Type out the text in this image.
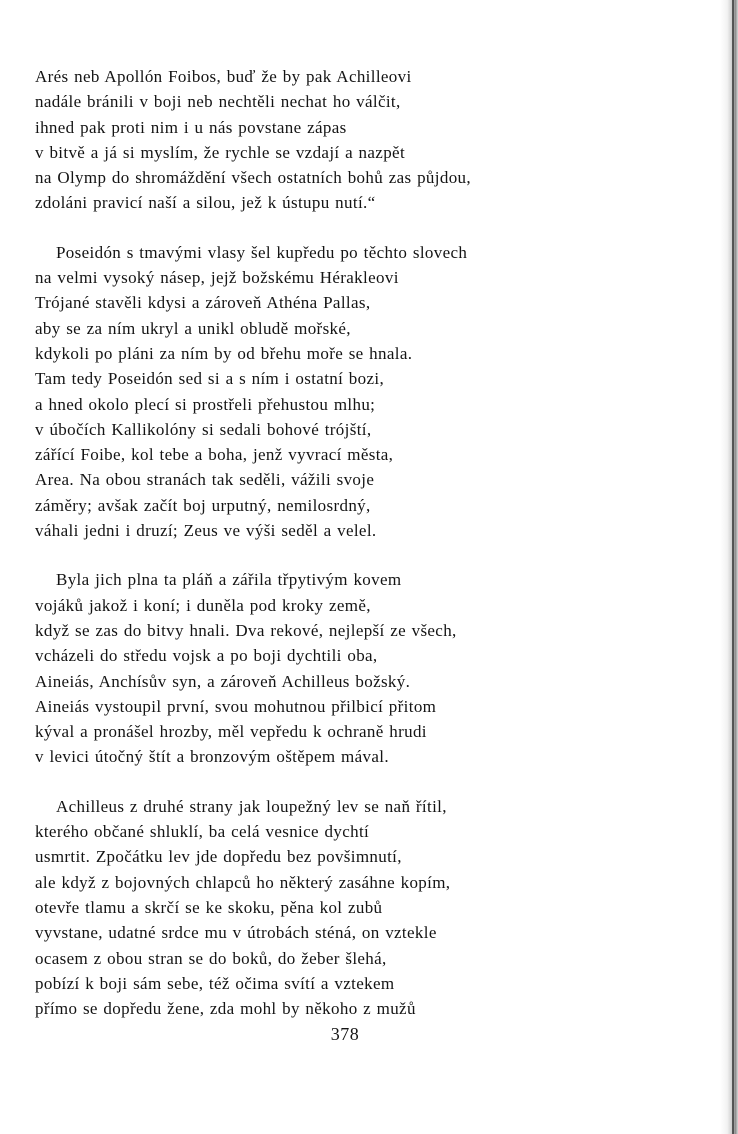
Arés neb Apollón Foibos, buď že by pak Achilleovi
nadále bránili v boji neb nechtěli nechat ho válčit,
ihned pak proti nim i u nás povstane zápas
v bitvě a já si myslím, že rychle se vzdají a nazpět
na Olymp do shromáždění všech ostatních bohů zas půjdou,
zdoláni pravicí naší a silou, jež k ústupu nutí.“
Poseidón s tmavými vlasy šel kupředu po těchto slovech
na velmi vysoký násep, jejž božskému Hérakleovi
Trójané stavěli kdysi a zároveň Athéna Pallas,
aby se za ním ukryl a unikl obludě mořské,
kdykoli po pláni za ním by od břehu moře se hnala.
Tam tedy Poseidón sed si a s ním i ostatní bozi,
a hned okolo plecí si prostřeli přehustou mlhu;
v úbočích Kallikolóny si sedali bohové trójští,
zářící Foibe, kol tebe a boha, jenž vyvrací města,
Area. Na obou stranách tak seděli, vážili svoje
záměry; avšak začít boj urputný, nemilosrdný,
váhali jedni i druzí; Zeus ve výši seděl a velel.
Byla jich plna ta pláň a zářila třpytivým kovem
vojáků jakož i koní; i duněla pod kroky země,
když se zas do bitvy hnali. Dva rekové, nejlepší ze všech,
vcházeli do středu vojsk a po boji dychtili oba,
Aineiás, Anchísův syn, a zároveň Achilleus božský.
Aineiás vystoupil první, svou mohutnou přilbicí přitom
kýval a pronášel hrozby, měl vepředu k ochraně hrudi
v levici útočný štít a bronzovým oštěpem mával.
Achilleus z druhé strany jak loupežný lev se naň řítil,
kterého občané shluklí, ba celá vesnice dychtí
usmrtit. Zpočátku lev jde dopředu bez povšimnutí,
ale když z bojovných chlapců ho některý zasáhne kopím,
otevře tlamu a skrčí se ke skoku, pěna kol zubů
vyvstane, udatné srdce mu v útrobách sténá, on vztekle
ocasem z obou stran se do boků, do žeber šlehá,
pobízí k boji sám sebe, též očima svítí a vztekem
přímo se dopředu žene, zda mohl by někoho z mužů
378
